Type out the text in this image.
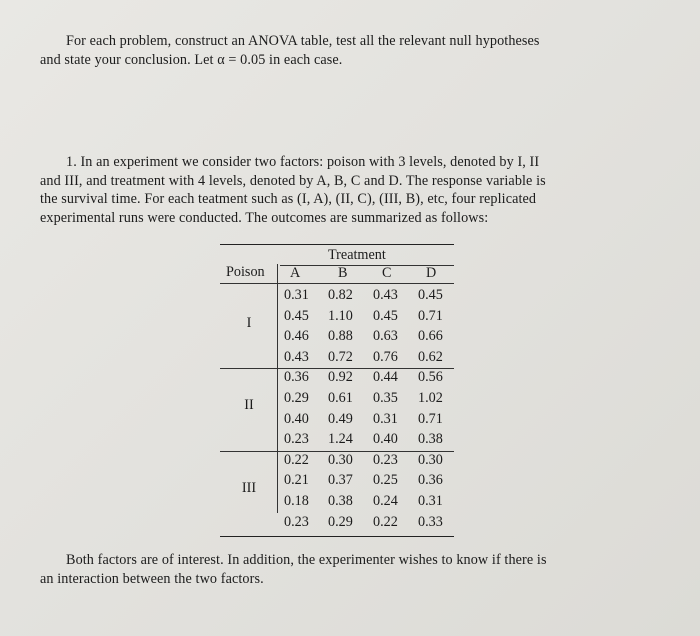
For each problem, construct an ANOVA table, test all the relevant null hypotheses
and state your conclusion. Let α = 0.05 in each case.
1. In an experiment we consider two factors: poison with 3 levels, denoted by I, II
and III, and treatment with 4 levels, denoted by A, B, C and D. The response variable is
the survival time. For each teatment such as (I, A), (II, C), (III, B), etc, four replicated
experimental runs were conducted. The outcomes are summarized as follows:
Treatment
Poison A	B C D
I
0.31 0.82 0.43 0.45
0.45 1.10 0.45 0.71
0.46 0.88 0.63 0.66
0.43 0.72 0.76 0.62
II
0.36 0.92 0.44 0.56
0.29 0.61 0.35 1.02
0.40 0.49 0.31 0.71
0.23 1.24 0.40 0.38
III
0.22 0.30 0.23 0.30
0.21 0.37 0.25 0.36
0.18 0.38 0.24 0.31
0.23 0.29 0.22 0.33
Both factors are of interest. In addition, the experimenter wishes to know if there is
an interaction between the two factors.
